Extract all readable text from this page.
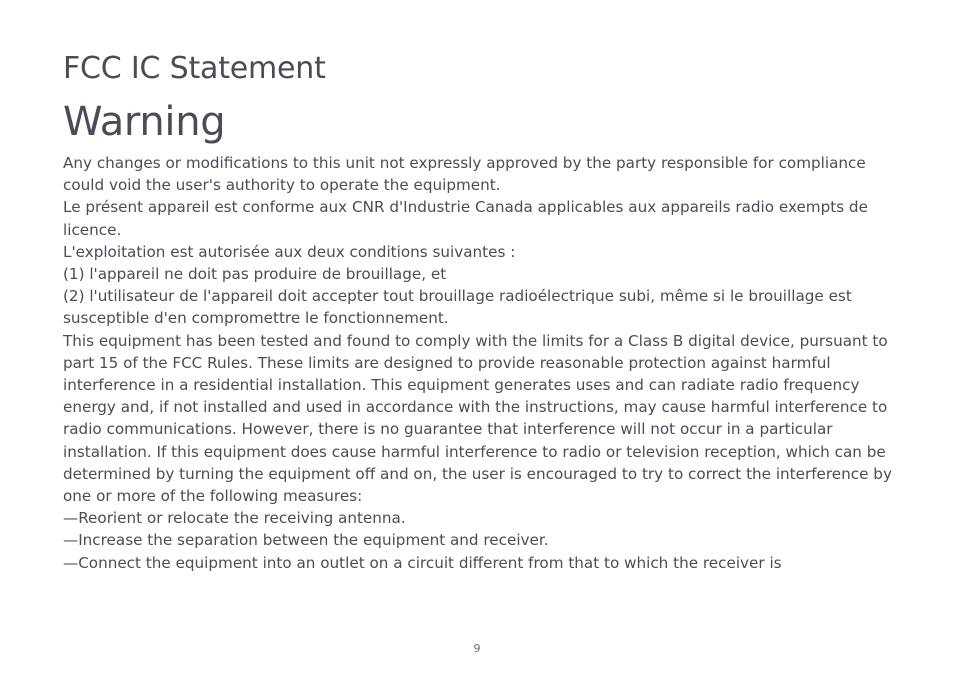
FCC IC Statement
Warning

Any changes or modifications to this unit not expressly approved by the party responsible for compliance could void the user's authority to operate the equipment.

Le présent appareil est conforme aux CNR d'Industrie Canada applicables aux appareils radio exempts de licence.

L'exploitation est autorisée aux deux conditions suivantes :

(1) l'appareil ne doit pas produire de brouillage, et

(2) l'utilisateur de l'appareil doit accepter tout brouillage radioélectrique subi, même si le brouillage est susceptible d'en compromettre le fonctionnement.

This equipment has been tested and found to comply with the limits for a Class B digital device, pursuant to part 15 of the FCC Rules. These limits are designed to provide reasonable protection against harmful interference in a residential installation. This equipment generates uses and can radiate radio frequency energy and, if not installed and used in accordance with the instructions, may cause harmful interference to radio communications. However, there is no guarantee that interference will not occur in a particular installation. If this equipment does cause harmful interference to radio or television reception, which can be determined by turning the equipment off and on, the user is encouraged to try to correct the interference by one or more of the following measures:

—Reorient or relocate the receiving antenna.

—Increase the separation between the equipment and receiver.

—Connect the equipment into an outlet on a circuit different from that to which the receiver is

9
